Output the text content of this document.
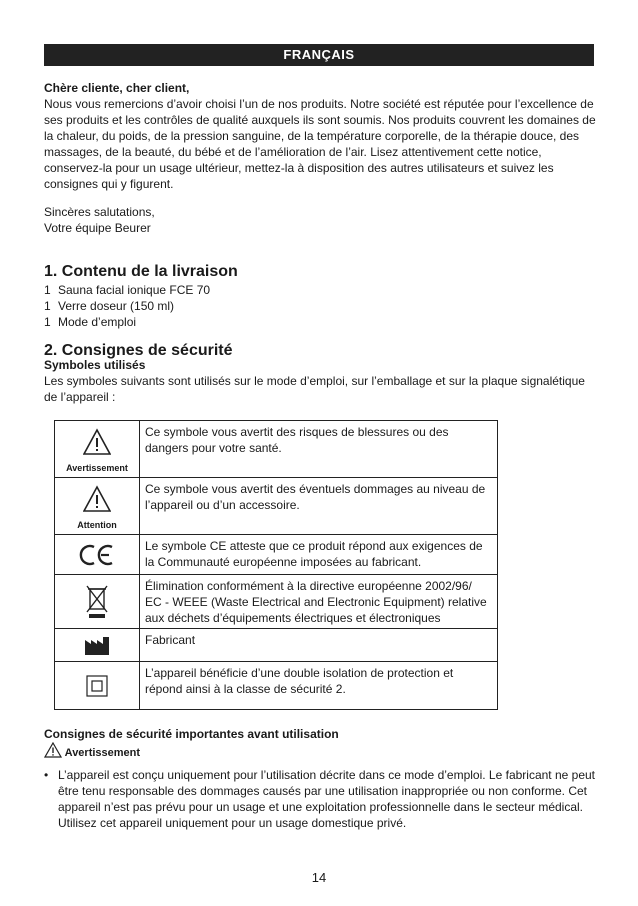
FRANÇAIS

Chère cliente, cher client,

Nous vous remercions d’avoir choisi l’un de nos produits. Notre société est réputée pour l’excellence de ses produits et les contrôles de qualité auxquels ils sont soumis. Nos produits couvrent les domaines de la chaleur, du poids, de la pression sanguine, de la température corporelle, de la thérapie douce, des massages, de la beauté, du bébé et de l’amélioration de l’air. Lisez attentivement cette notice, conservez-la pour un usage ultérieur, mettez-la à disposition des autres utilisateurs et suivez les consignes qui y figurent.

Sincères salutations,
Votre équipe Beurer
1. Contenu de la livraison
1 Sauna facial ionique FCE 70
1 Verre doseur (150 ml)
1 Mode d’emploi
2. Consignes de sécurité

Symboles utilisés

Les symboles suivants sont utilisés sur le mode d’emploi, sur l’emballage et sur la plaque signalétique de l’appareil :

Avertissement	Ce symbole vous avertit des risques de blessures ou des dangers pour votre santé.

Attention	Ce symbole vous avertit des éventuels dommages au niveau de l’appareil ou d’un accessoire.
	Le symbole CE atteste que ce produit répond aux exigences de la Communauté européenne imposées au fabricant.
	Élimination conformément à la directive européenne 2002/96/ EC - WEEE (Waste Electrical and Electronic Equipment) relative aux déchets d’équipements électriques et électroniques
	Fabricant
	L’appareil bénéficie d’une double isolation de protection et répond ainsi à la classe de sécurité 2.

Consignes de sécurité importantes avant utilisation

Avertissement
• L’appareil est conçu uniquement pour l’utilisation décrite dans ce mode d’emploi. Le fabricant ne peut être tenu responsable des dommages causés par une utilisation inappropriée ou non conforme. Cet appareil n’est pas prévu pour un usage et une exploitation professionnelle dans le secteur médical. Utilisez cet appareil uniquement pour un usage domestique privé.
14
